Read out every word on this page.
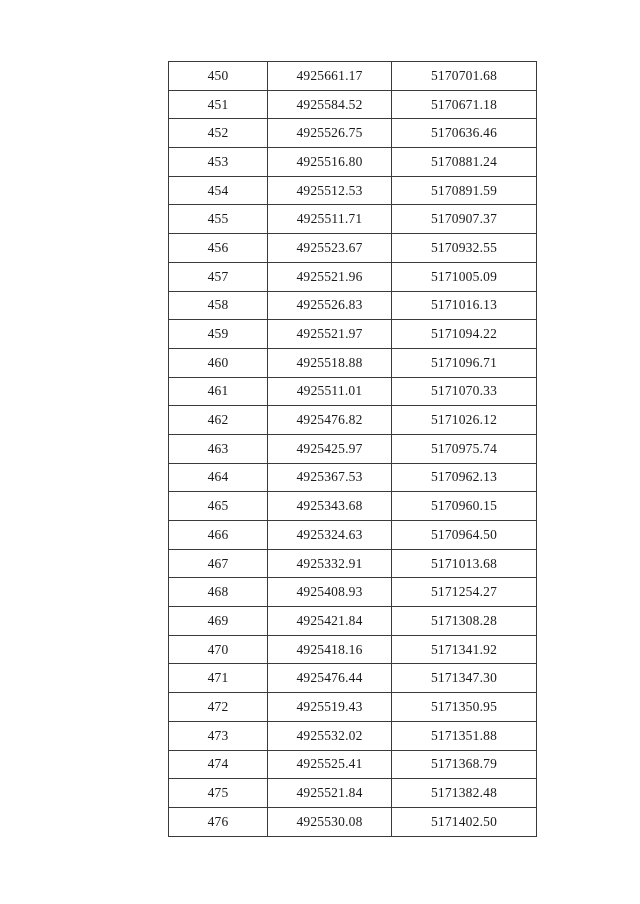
450	4925661.17	5170701.68
451	4925584.52	5170671.18
452	4925526.75	5170636.46
453	4925516.80	5170881.24
454	4925512.53	5170891.59
455	4925511.71	5170907.37
456	4925523.67	5170932.55
457	4925521.96	5171005.09
458	4925526.83	5171016.13
459	4925521.97	5171094.22
460	4925518.88	5171096.71
461	4925511.01	5171070.33
462	4925476.82	5171026.12
463	4925425.97	5170975.74
464	4925367.53	5170962.13
465	4925343.68	5170960.15
466	4925324.63	5170964.50
467	4925332.91	5171013.68
468	4925408.93	5171254.27
469	4925421.84	5171308.28
470	4925418.16	5171341.92
471	4925476.44	5171347.30
472	4925519.43	5171350.95
473	4925532.02	5171351.88
474	4925525.41	5171368.79
475	4925521.84	5171382.48
476	4925530.08	5171402.50
